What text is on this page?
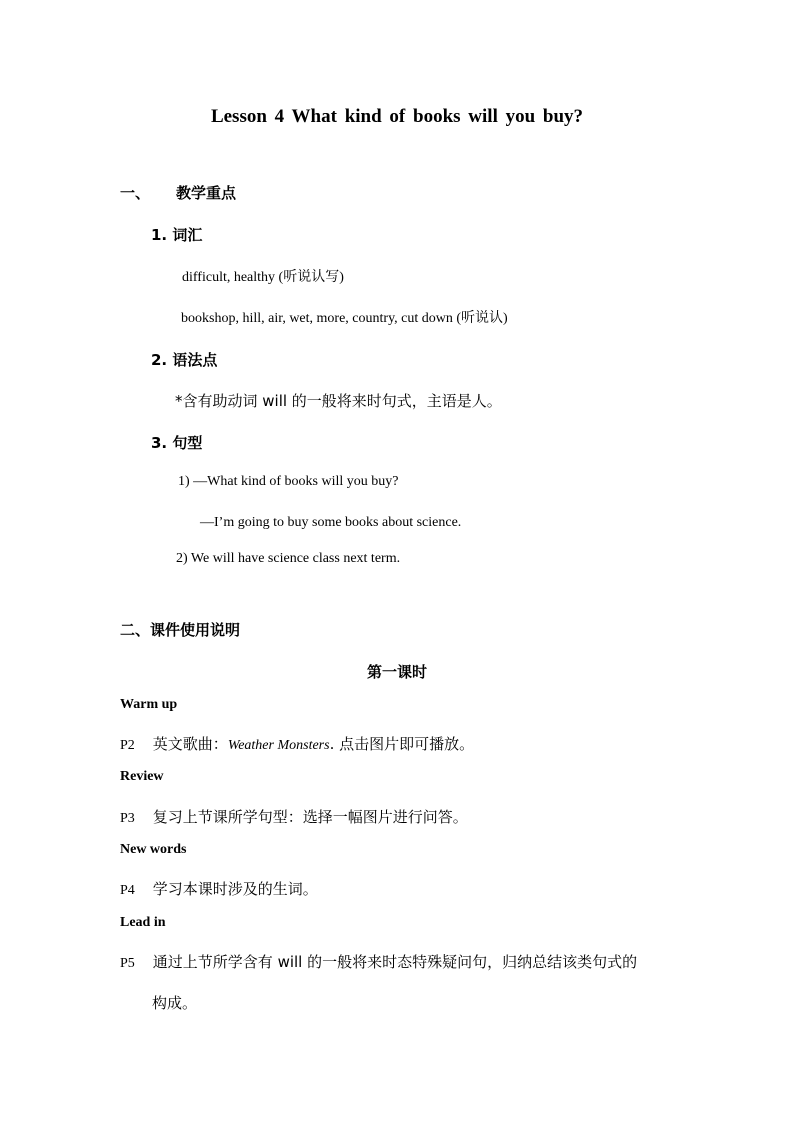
Lesson 4 What kind of books will you buy?
一、 教学重点
1. 词汇
difficult, healthy (听说认写)
bookshop, hill, air, wet, more, country, cut down (听说认)
2. 语法点
*含有助动词 will 的一般将来时句式，主语是人。
3. 句型
1) —What kind of books will you buy?
—I’m going to buy some books about science.
2) We will have science class next term.
二、课件使用说明
第一课时
Warm up
P2 英文歌曲：Weather Monsters. 点击图片即可播放。
Review
P3 复习上节课所学句型：选择一幅图片进行问答。
New words
P4 学习本课时涉及的生词。
Lead in
P5 通过上节所学含有 will 的一般将来时态特殊疑问句，归纳总结该类句式的
构成。
